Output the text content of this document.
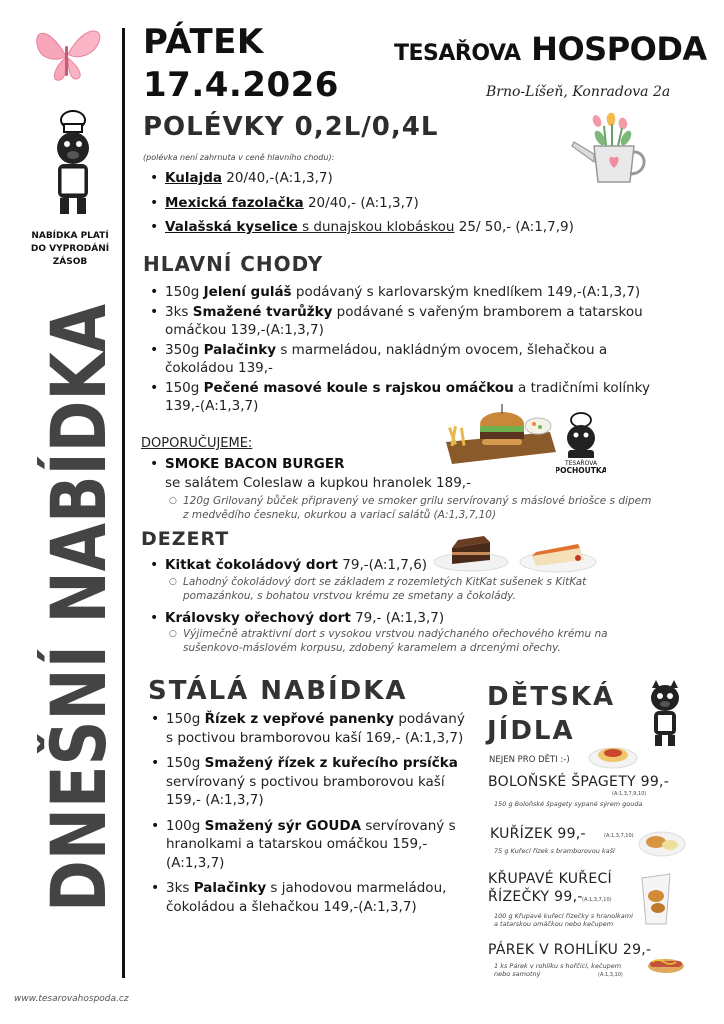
NABÍDKA PLATÍ DO VYPRODÁNÍ ZÁSOB
DNEŠNÍ NABÍ
PÁTEK
17.4.2026
TESAŘOVA HOSPODA
Brno-Líšeň, Konradova 2a
POLÉVKY 0,2L/0,4L
(polévka není zahrnuta v ceně hlavního chodu):
• Kulajda 20/40,-(A:1,3,7)
• Mexická fazolačka 20/40,- (A:1,3,7)
• Valašská kyselice s dunajskou klobáskou 25/ 50,- (A:1,7,9)
HLAVNÍ CHODY
• 150g Jelení guláš podávaný s karlovarským knedlíkem 149,-(A:1,3,7)
• 3ks Smažené tvarůžky podávané s vařeným bramborem a tatarskou omáčkou 139,-(A:1,3,7)
• 350g Palačinky s marmeládou, nakládným ovocem, šlehačkou a čokoládou 139,-
• 150g Pečené masové koule s rajskou omáčkou a tradičními kolínky 139,-(A:1,3,7)
TESAŘOVA
POCHOUTKA
DOPORUČUJEME:
• SMOKE BACON BURGER
se salátem Coleslaw a kupkou hranolek 189,-
○ 120g Grilovaný bůček připravený ve smoker grilu servírovaný s máslové briošce s dipem z medvědího česneku, okurkou a variací salátů (A:1,3,7,10)
DEZERT
• Kitkat čokoládový dort 79,-(A:1,7,6)
○ Lahodný čokoládový dort se základem z rozemletých KitKat sušenek s KitKat pomazánkou, s bohatou vrstvou krému ze smetany a čokolády.
• Královsky ořechový dort 79,- (A:1,3,7)
○ Výjimečně atraktivní dort s vysokou vrstvou nadýchaného ořechového krému na sušenkovo-máslovém korpusu, zdobený karamelem a drcenými ořechy.
STÁLÁ NABÍDKA
• 150g Řízek z vepřové panenky podávaný s poctivou bramborovou kaší 169,- (A:1,3,7)
• 150g Smažený řízek z kuřecího prsíčka servírovaný s poctivou bramborovou kaší 159,- (A:1,3,7)
• 100g Smažený sýr GOUDA servírovaný s hranolkami a tatarskou omáčkou 159,- (A:1,3,7)
• 3ks Palačinky s jahodovou marmeládou, čokoládou a šlehačkou 149,-(A:1,3,7)
DĚTSKÁ
JÍDLA
NEJEN PRO DĚTI :-)
BOLOŇSKÉ ŠPAGETY 99,-
(A:1,3,7,9,10)
150 g Boloňské špagety sypané sýrem gouda
KUŘÍZEK 99,-	(A:1,3,7,10)
75 g Kuřecí řízek s bramborovou kaší
KŘUPAVÉ KUŘECÍ
ŘÍZEČKY 99,- (A:1,3,7,10)
100 g Křupavé kuřecí řízečky s hranolkami
a tatarskou omáčkou nebo kečupem
PÁREK V ROHLÍKU 29,-
1 ks Párek v rohlíku s hořčicí, kečupem
nebo samotný	(A:1,3,10)
www.tesarovahospoda.cz
